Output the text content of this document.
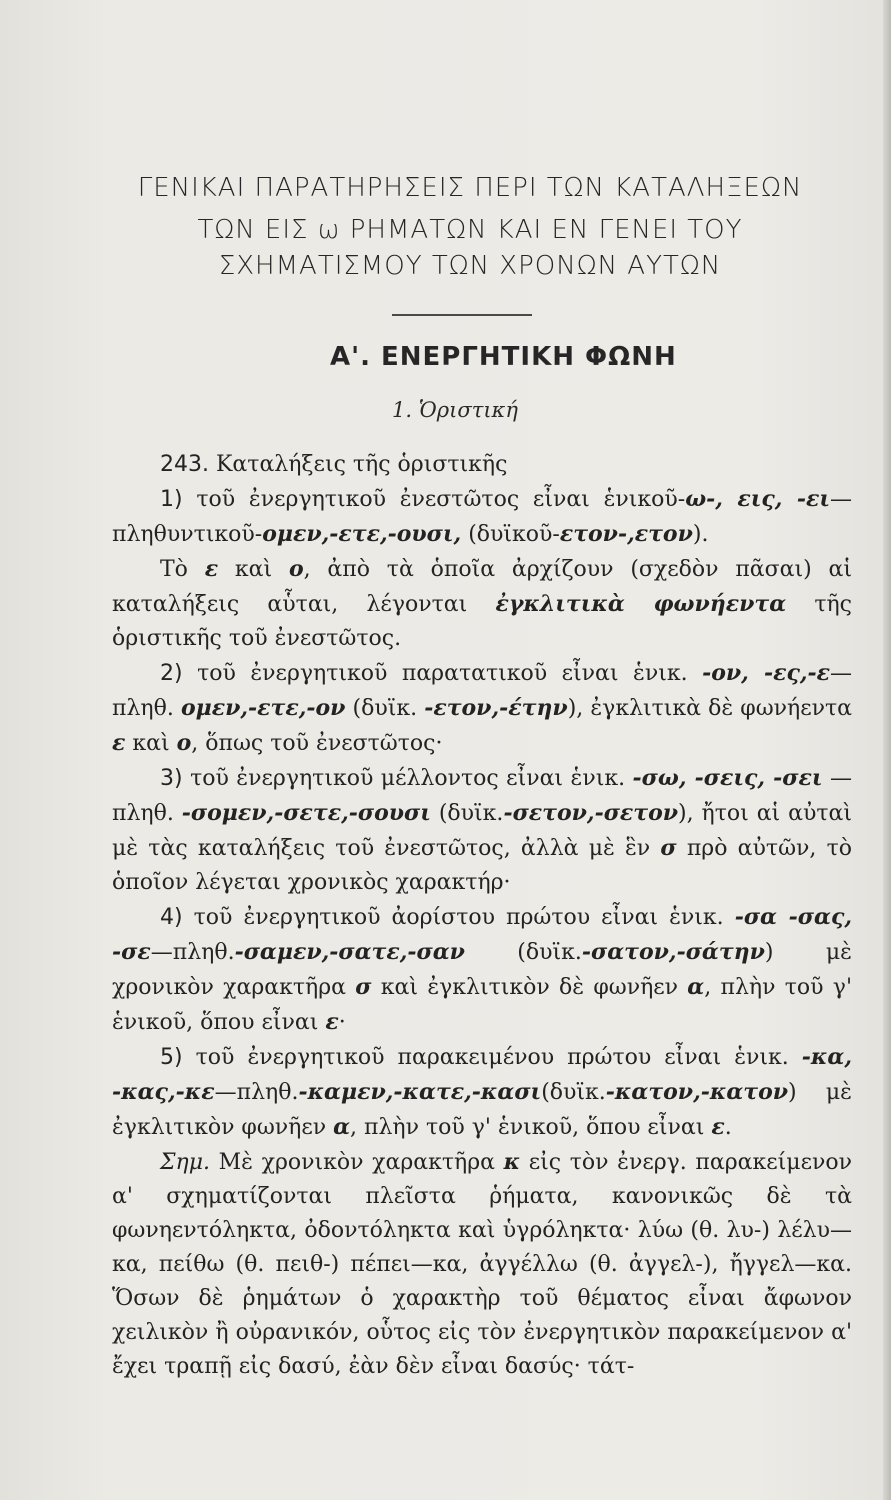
ΓΕΝΙΚΑΙ ΠΑΡΑΤΗΡΗΣΕΙΣ ΠΕΡΙ ΤΩΝ ΚΑΤΑΛΗΞΕΩΝ
ΤΩΝ ΕΙΣ ω ΡΗΜΑΤΩΝ ΚΑΙ ΕΝ ΓΕΝΕΙ ΤΟΥ
ΣΧΗΜΑΤΙΣΜΟΥ ΤΩΝ ΧΡΟΝΩΝ ΑΥΤΩΝ
Α'. ΕΝΕΡΓΗΤΙΚΗ ΦΩΝΗ
1. Ὁριστική

243. Καταλήξεις τῆς ὁριστικῆς

1) τοῦ ἐνεργητικοῦ ἐνεστῶτος εἶναι ἑνικοῦ-ω-, εις, -ει—πληθυντικοῦ-ομεν,-ετε,-ουσι, (δυϊκοῦ-ετον-,ετον).

Τὸ ε καὶ ο, ἀπὸ τὰ ὁποῖα ἀρχίζουν (σχεδὸν πᾶσαι) αἱ καταλήξεις αὗται, λέγονται ἐγκλιτικὰ φωνήεντα τῆς ὁριστικῆς τοῦ ἐνεστῶτος.

2) τοῦ ἐνεργητικοῦ παρατατικοῦ εἶναι ἑνικ. -ον, -ες,-ε—πληθ. ομεν,-ετε,-ον (δυϊκ. -ετον,-έτην), ἐγκλιτικὰ δὲ φωνήεντα ε καὶ ο, ὅπως τοῦ ἐνεστῶτος·

3) τοῦ ἐνεργητικοῦ μέλλοντος εἶναι ἑνικ. -σω, -σεις, -σει —πληθ. -σομεν,-σετε,-σουσι (δυϊκ.-σετον,-σετον), ἤτοι αἱ αὐταὶ μὲ τὰς καταλήξεις τοῦ ἐνεστῶτος, ἀλλὰ μὲ ἓν σ πρὸ αὐτῶν, τὸ ὁποῖον λέγεται χρονικὸς χαρακτήρ·

4) τοῦ ἐνεργητικοῦ ἀορίστου πρώτου εἶναι ἑνικ. -σα -σας, -σε—πληθ.-σαμεν,-σατε,-σαν (δυϊκ.-σατον,-σάτην) μὲ χρονικὸν χαρακτῆρα σ καὶ ἐγκλιτικὸν δὲ φωνῆεν α, πλὴν τοῦ γ' ἑνικοῦ, ὅπου εἶναι ε·

5) τοῦ ἐνεργητικοῦ παρακειμένου πρώτου εἶναι ἑνικ. -κα, -κας,-κε—πληθ.-καμεν,-κατε,-κασι(δυϊκ.-κατον,-κατον) μὲ ἐγκλιτικὸν φωνῆεν α, πλὴν τοῦ γ' ἑνικοῦ, ὅπου εἶναι ε.

Σημ. Μὲ χρονικὸν χαρακτῆρα κ εἰς τὸν ἐνεργ. παρακείμενον α' σχηματίζονται πλεῖστα ῥήματα, κανονικῶς δὲ τὰ φωνηεντόληκτα, ὀδοντόληκτα καὶ ὑγρόληκτα· λύω (θ. λυ-) λέλυ—κα, πείθω (θ. πειθ-) πέπει—κα, ἀγγέλλω (θ. ἀγγελ-), ἤγγελ—κα. Ὅσων δὲ ῥημάτων ὁ χαρακτὴρ τοῦ θέματος εἶναι ἄφωνον χειλικὸν ἢ οὐρανικόν, οὗτος εἰς τὸν ἐνεργητικὸν παρακείμενον α' ἔχει τραπῇ εἰς δασύ, ἐὰν δὲν εἶναι δασύς· τάτ-
